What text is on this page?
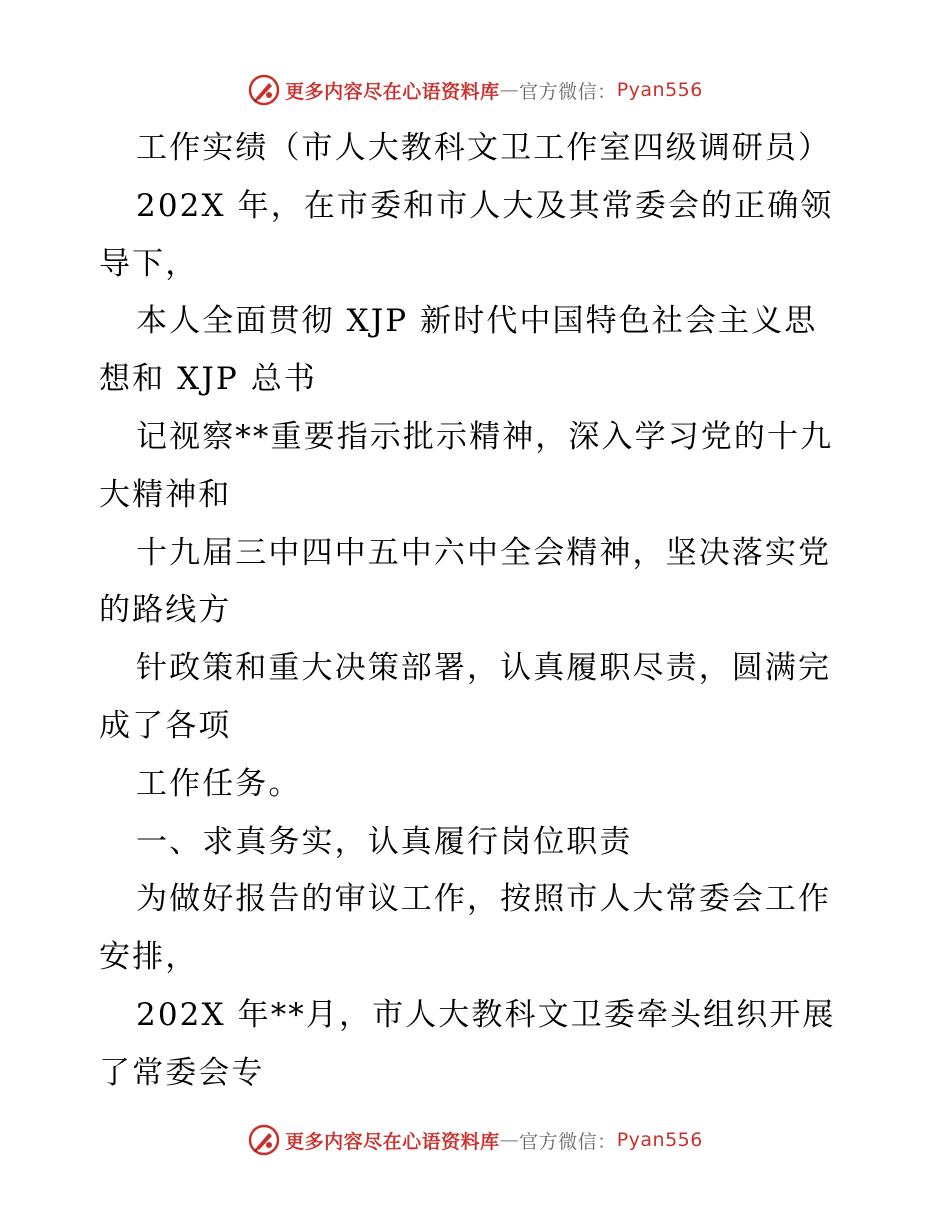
更多内容尽在心语资料库 — 官方微信： Pyan556
工作实绩（市人大教科文卫工作室四级调研员）
202X 年，在市委和市人大及其常委会的正确领
导下，
本人全面贯彻 XJP 新时代中国特色社会主义思
想和 XJP 总书
记视察**重要指示批示精神，深入学习党的十九
大精神和
十九届三中四中五中六中全会精神，坚决落实党
的路线方
针政策和重大决策部署，认真履职尽责，圆满完
成了各项
工作任务。
一、求真务实，认真履行岗位职责
为做好报告的审议工作，按照市人大常委会工作
安排，
202X 年**月，市人大教科文卫委牵头组织开展
了常委会专
更多内容尽在心语资料库 — 官方微信： Pyan556
